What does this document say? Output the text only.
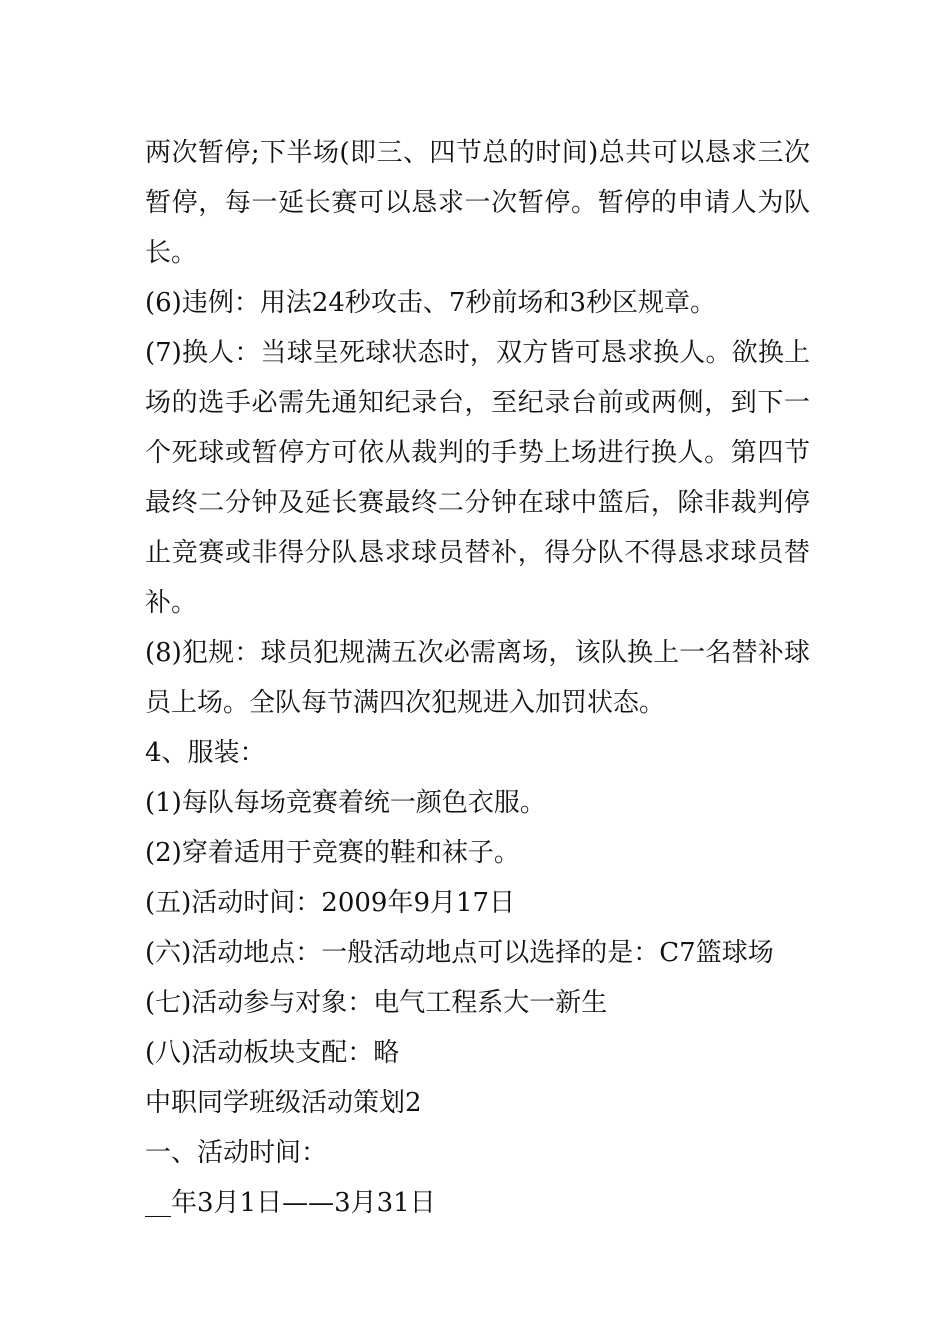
两次暂停;下半场(即三、四节总的时间)总共可以恳求三次
暂停，每一延长赛可以恳求一次暂停。暂停的申请人为队
长。
(6)违例：用法24秒攻击、7秒前场和3秒区规章。
(7)换人：当球呈死球状态时，双方皆可恳求换人。欲换上
场的选手必需先通知纪录台，至纪录台前或两侧，到下一
个死球或暂停方可依从裁判的手势上场进行换人。第四节
最终二分钟及延长赛最终二分钟在球中篮后，除非裁判停
止竞赛或非得分队恳求球员替补，得分队不得恳求球员替
补。
(8)犯规：球员犯规满五次必需离场，该队换上一名替补球
员上场。全队每节满四次犯规进入加罚状态。
4、服装：
(1)每队每场竞赛着统一颜色衣服。
(2)穿着适用于竞赛的鞋和袜子。
(五)活动时间：2009年9月17日
(六)活动地点：一般活动地点可以选择的是：C7篮球场
(七)活动参与对象：电气工程系大一新生
(八)活动板块支配：略
中职同学班级活动策划2
一、活动时间：
__年3月1日——3月31日
